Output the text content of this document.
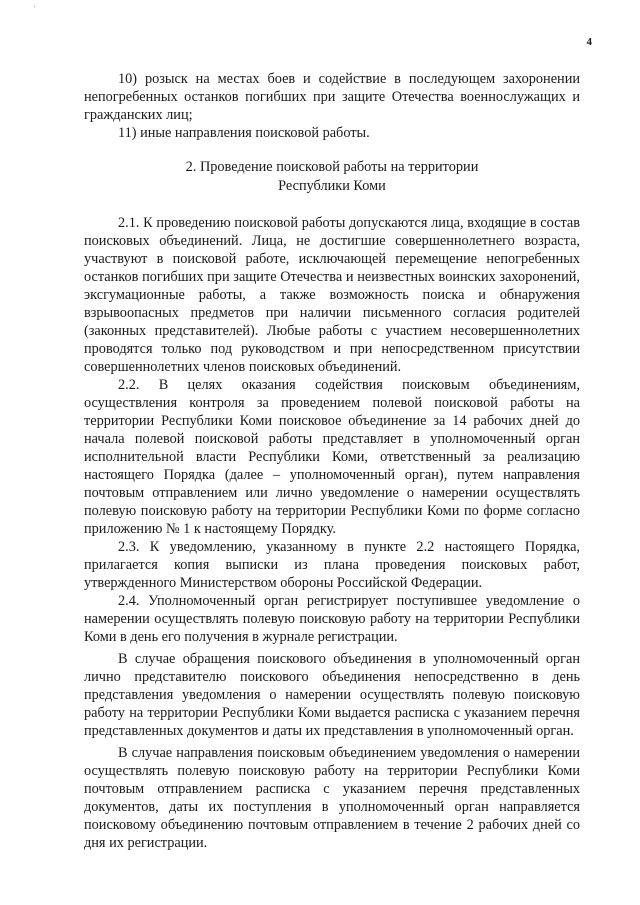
'
4

10) розыск на местах боев и содействие в последующем захоронении непогребенных останков погибших при защите Отечества военнослужащих и гражданских лиц;

11) иные направления поисковой работы.

2. Проведение поисковой работы на территории
Республики Коми

2.1. К проведению поисковой работы допускаются лица, входящие в состав поисковых объединений. Лица, не достигшие совершеннолетнего возраста, участвуют в поисковой работе, исключающей перемещение непогребенных останков погибших при защите Отечества и неизвестных воинских захоронений, эксгумационные работы, а также возможность поиска и обнаружения взрывоопасных предметов при наличии письменного согласия родителей (законных представителей). Любые работы с участием несовершеннолетних проводятся только под руководством и при непосредственном присутствии совершеннолетних членов поисковых объединений.

2.2. В целях оказания содействия поисковым объединениям, осуществления контроля за проведением полевой поисковой работы на территории Республики Коми поисковое объединение за 14 рабочих дней до начала полевой поисковой работы представляет в уполномоченный орган исполнительной власти Республики Коми, ответственный за реализацию настоящего Порядка (далее – уполномоченный орган), путем направления почтовым отправлением или лично уведомление о намерении осуществлять полевую поисковую работу на территории Республики Коми по форме согласно приложению № 1 к настоящему Порядку.

2.3. К уведомлению, указанному в пункте 2.2 настоящего Порядка, прилагается копия выписки из плана проведения поисковых работ, утвержденного Министерством обороны Российской Федерации.

2.4. Уполномоченный орган регистрирует поступившее уведомление о намерении осуществлять полевую поисковую работу на территории Республики Коми в день его получения в журнале регистрации.

В случае обращения поискового объединения в уполномоченный орган лично представителю поискового объединения непосредственно в день представления уведомления о намерении осуществлять полевую поисковую работу на территории Республики Коми выдается расписка с указанием перечня представленных документов и даты их представления в уполномоченный орган.

В случае направления поисковым объединением уведомления о намерении осуществлять полевую поисковую работу на территории Республики Коми почтовым отправлением расписка с указанием перечня представленных документов, даты их поступления в уполномоченный орган направляется поисковому объединению почтовым отправлением в течение 2 рабочих дней со дня их регистрации.
